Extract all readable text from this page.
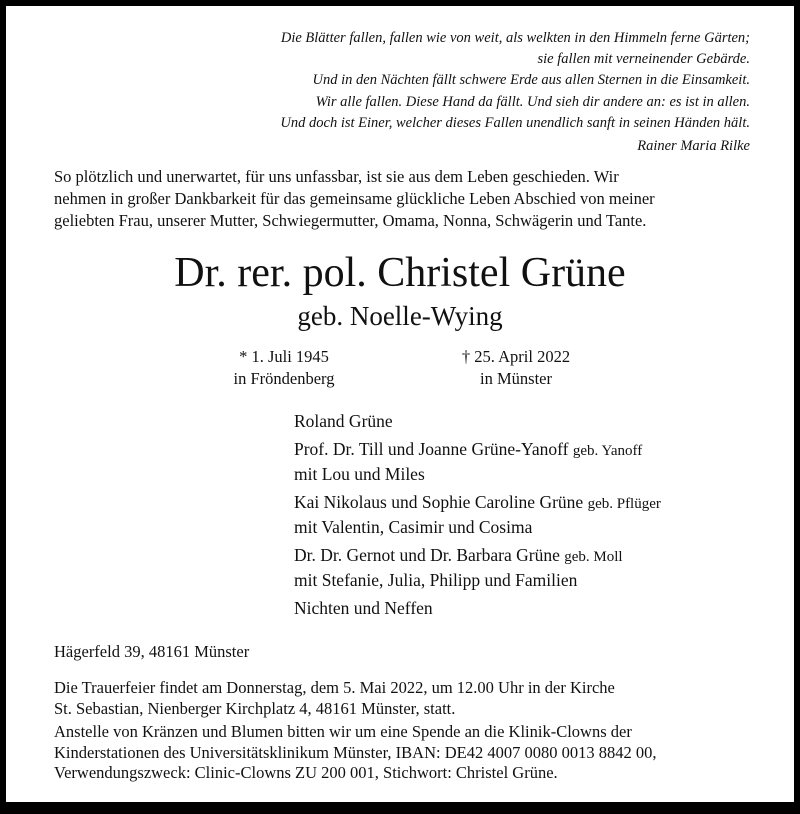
Die Blätter fallen, fallen wie von weit, als welkten in den Himmeln ferne Gärten;
sie fallen mit verneinender Gebärde.
Und in den Nächten fällt schwere Erde aus allen Sternen in die Einsamkeit.
Wir alle fallen. Diese Hand da fällt. Und sieh dir andere an: es ist in allen.
Und doch ist Einer, welcher dieses Fallen unendlich sanft in seinen Händen hält.
Rainer Maria Rilke
So plötzlich und unerwartet, für uns unfassbar, ist sie aus dem Leben geschieden. Wir
nehmen in großer Dankbarkeit für das gemeinsame glückliche Leben Abschied von meiner
geliebten Frau, unserer Mutter, Schwiegermutter, Omama, Nonna, Schwägerin und Tante.
Dr. rer. pol. Christel Grüne
geb. Noelle-Wying
* 1. Juli 1945
in Fröndenberg
† 25. April 2022
in Münster
Roland Grüne
Prof. Dr. Till und Joanne Grüne-Yanoff geb. Yanoff
mit Lou und Miles
Kai Nikolaus und Sophie Caroline Grüne geb. Pflüger
mit Valentin, Casimir und Cosima
Dr. Dr. Gernot und Dr. Barbara Grüne geb. Moll
mit Stefanie, Julia, Philipp und Familien
Nichten und Neffen
Hägerfeld 39, 48161 Münster
Die Trauerfeier findet am Donnerstag, dem 5. Mai 2022, um 12.00 Uhr in der Kirche
St. Sebastian, Nienberger Kirchplatz 4, 48161 Münster, statt.
Anstelle von Kränzen und Blumen bitten wir um eine Spende an die Klinik-Clowns der
Kinderstationen des Universitätsklinikum Münster, IBAN: DE42 4007 0080 0013 8842 00,
Verwendungszweck: Clinic-Clowns ZU 200 001, Stichwort: Christel Grüne.
